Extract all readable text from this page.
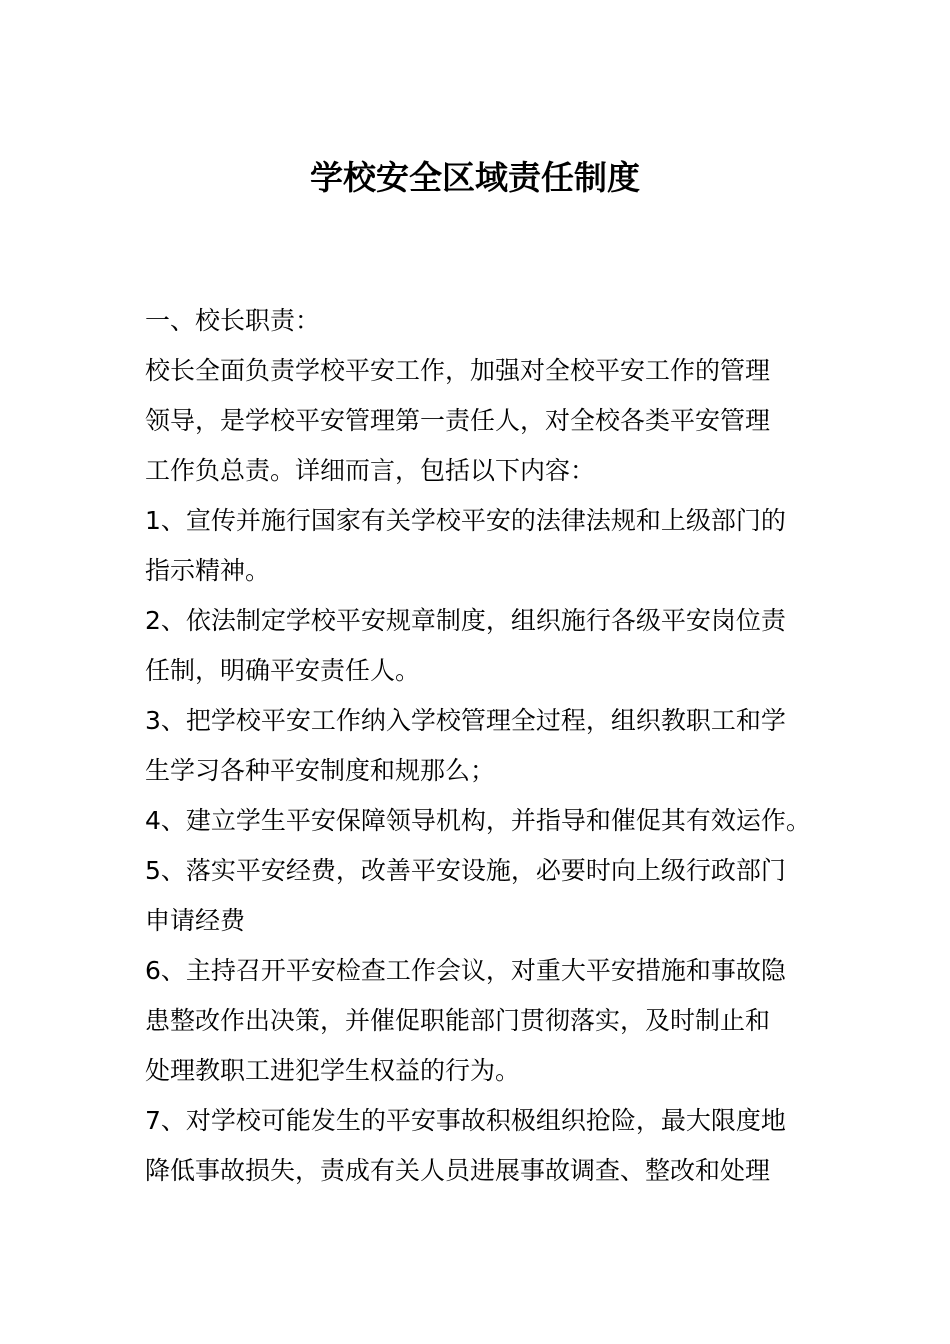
学校安全区域责任制度
一、校长职责：
校长全面负责学校平安工作，加强对全校平安工作的管理
领导，是学校平安管理第一责任人，对全校各类平安管理
工作负总责。详细而言，包括以下内容：
1、宣传并施行国家有关学校平安的法律法规和上级部门的
指示精神。
2、依法制定学校平安规章制度，组织施行各级平安岗位责
任制，明确平安责任人。
3、把学校平安工作纳入学校管理全过程，组织教职工和学
生学习各种平安制度和规那么；
4、建立学生平安保障领导机构，并指导和催促其有效运作。
5、落实平安经费，改善平安设施，必要时向上级行政部门
申请经费
6、主持召开平安检查工作会议，对重大平安措施和事故隐
患整改作出决策，并催促职能部门贯彻落实，及时制止和
处理教职工进犯学生权益的行为。
7、对学校可能发生的平安事故积极组织抢险，最大限度地
降低事故损失，责成有关人员进展事故调查、整改和处理
